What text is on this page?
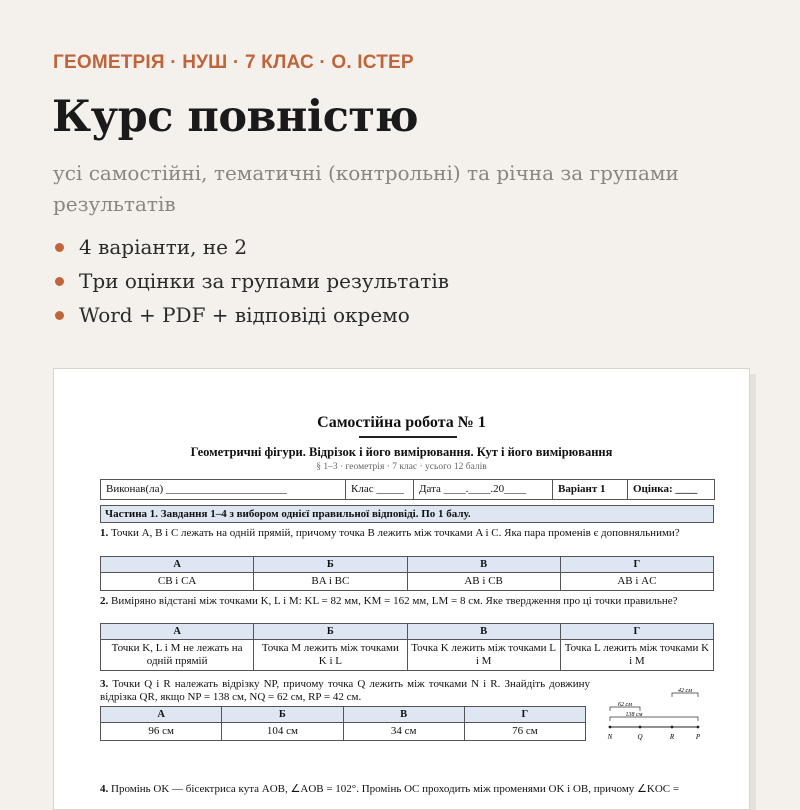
ГЕОМЕТРІЯ · НУШ · 7 КЛАС · О. ІСТЕР
Курс повністю
усі самостійні, тематичні (контрольні) та річна за групами результатів
4 варіанти, не 2
Три оцінки за групами результатів
Word + PDF + відповіді окремо
Самостійна робота № 1
Геометричні фігури. Відрізок і його вимірювання. Кут і його вимірювання
§ 1–3 · геометрія · 7 клас · усього 12 балів
Виконав(ла) ______________________	Клас _____	Дата ____.____.20____	Варіант 1	Оцінка: ____
Частина 1. Завдання 1–4 з вибором однієї правильної відповіді. По 1 балу.
1. Точки A, B і C лежать на одній прямій, причому точка B лежить між точками A і C. Яка пара променів є доповняльними?
А	Б	В	Г
CB і CA	BA і BC	AB і CB	AB і AC
2. Виміряно відстані між точками K, L і M: KL = 82 мм, KM = 162 мм, LM = 8 см. Яке твердження про ці точки правильне?
А	Б	В	Г
Точки K, L і M не лежать на одній прямій	Точка M лежить між точками K і L	Точка K лежить між точками L і M	Точка L лежить між точками K і M
3. Точки Q і R належать відрізку NP, причому точка Q лежить між точками N і R. Знайдіть довжину відрізка QR, якщо NP = 138 см, NQ = 62 см, RP = 42 см.
А	Б	В	Г
96 см	104 см	34 см	76 см
42 см
62 см
138 см
N	Q	R	P
4. Промінь OK — бісектриса кута AOB, ∠AOB = 102°. Промінь OC проходить між променями OK і OB, причому ∠KOC =
